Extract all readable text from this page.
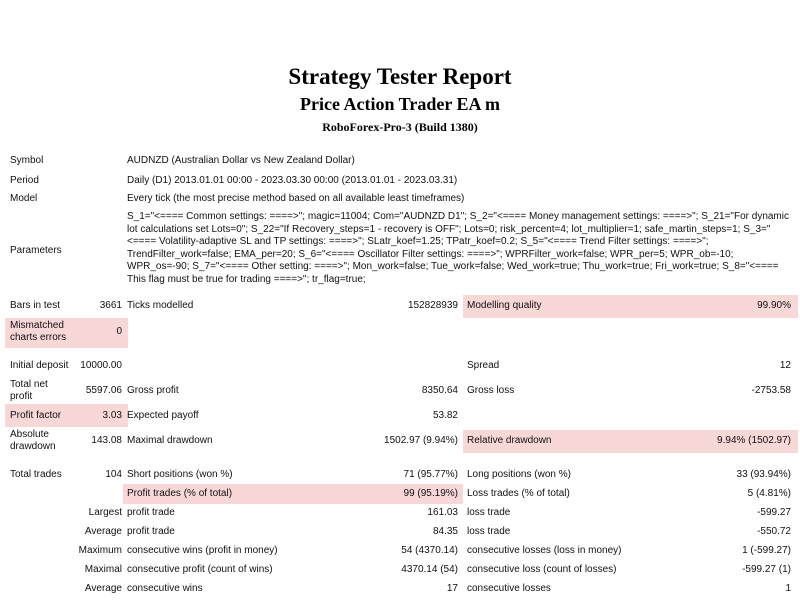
Strategy Tester Report
Price Action Trader EA m
RoboForex-Pro-3 (Build 1380)
Symbol	AUDNZD (Australian Dollar vs New Zealand Dollar)
Period	Daily (D1) 2013.01.01 00:00 - 2023.03.30 00:00 (2013.01.01 - 2023.03.31)
Model	Every tick (the most precise method based on all available least timeframes)
Parameters
S_1="<==== Common settings: ====>"; magic=11004; Com="AUDNZD D1"; S_2="<==== Money management settings: ====>"; S_21="For dynamic lot calculations set Lots=0"; S_22="If Recovery_steps=1 - recovery is OFF"; Lots=0; risk_percent=4; lot_multiplier=1; safe_martin_steps=1; S_3="<==== Volatility-adaptive SL and TP settings: ====>"; SLatr_koef=1.25; TPatr_koef=0.2; S_5="<==== Trend Filter settings: ====>"; TrendFilter_work=false; EMA_per=20; S_6="<==== Oscillator Filter settings: ====>"; WPRFilter_work=false; WPR_per=5; WPR_ob=-10; WPR_os=-90; S_7="<==== Other setting: ====>"; Mon_work=false; Tue_work=false; Wed_work=true; Thu_work=true; Fri_work=true; S_8="<==== This flag must be true for trading ====>"; tr_flag=true;
Bars in test	3661 Ticks modelled	152828939 Modelling quality	99.90%
Mismatched
charts errors
0
Initial deposit	10000.00	Spread	12
Total net
profit
5597.06 Gross profit	8350.64 Gross loss	-2753.58
Profit factor	3.03 Expected payoff	53.82
Absolute
drawdown
143.08 Maximal drawdown	1502.97 (9.94%) Relative drawdown	9.94% (1502.97)
Total trades	104 Short positions (won %)	71 (95.77%) Long positions (won %)	33 (93.94%)
Profit trades (% of total)	99 (95.19%) Loss trades (% of total)	5 (4.81%)
Largest profit trade	161.03 loss trade	-599.27
Average profit trade	84.35 loss trade	-550.72
Maximum consecutive wins (profit in money)	54 (4370.14) consecutive losses (loss in money)	1 (-599.27)
Maximal consecutive profit (count of wins)	4370.14 (54) consecutive loss (count of losses)	-599.27 (1)
Average consecutive wins	17 consecutive losses	1
